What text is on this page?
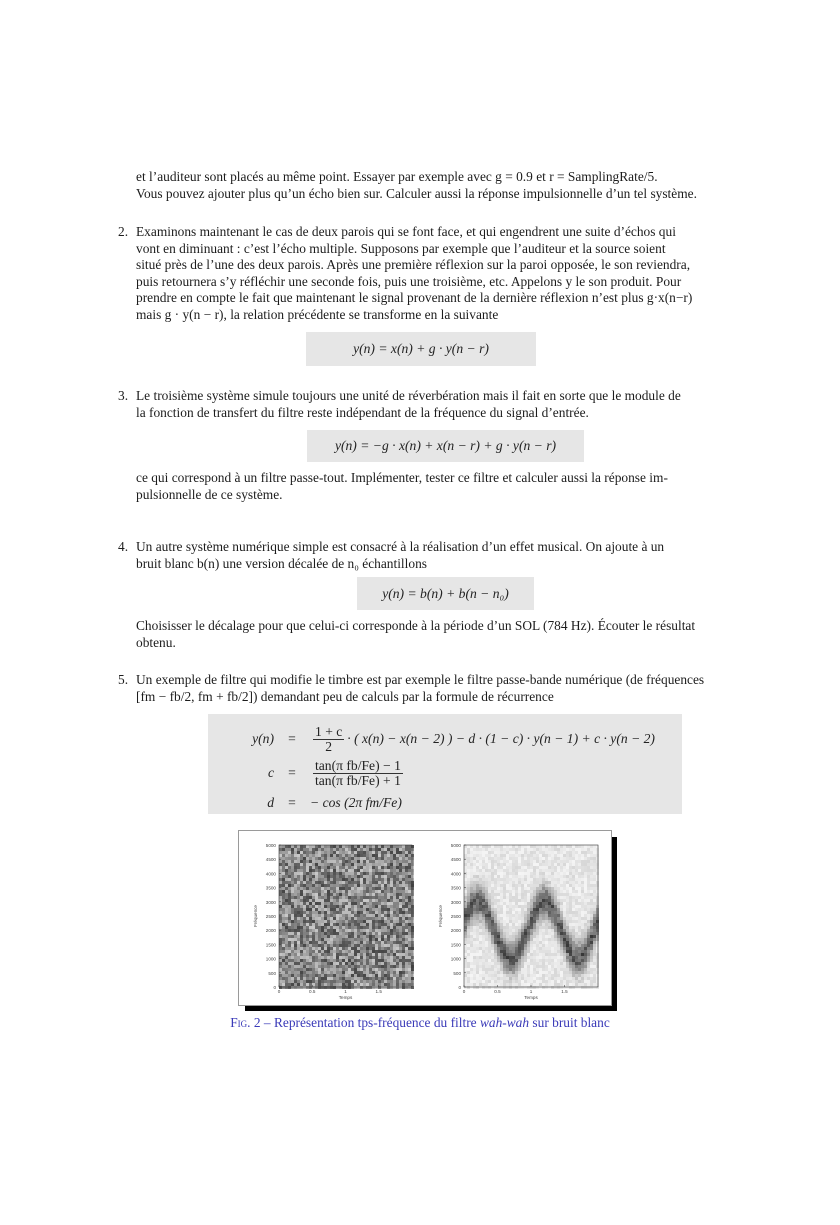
et l’auditeur sont placés au même point. Essayer par exemple avec g = 0.9 et r = SamplingRate/5.
Vous pouvez ajouter plus qu’un écho bien sur. Calculer aussi la réponse impulsionnelle d’un tel système.
2. Examinons maintenant le cas de deux parois qui se font face, et qui engendrent une suite d’échos qui
vont en diminuant : c’est l’écho multiple. Supposons par exemple que l’auditeur et la source soient
situé près de l’une des deux parois. Après une première réflexion sur la paroi opposée, le son reviendra,
puis retournera s’y réfléchir une seconde fois, puis une troisième, etc. Appelons y le son produit. Pour
prendre en compte le fait que maintenant le signal provenant de la dernière réflexion n’est plus g·x(n−r)
mais g · y(n − r), la relation précédente se transforme en la suivante
y(n) = x(n) + g · y(n − r)
3. Le troisième système simule toujours une unité de réverbération mais il fait en sorte que le module de
la fonction de transfert du filtre reste indépendant de la fréquence du signal d’entrée.
y(n) = −g · x(n) + x(n − r) + g · y(n − r)
ce qui correspond à un filtre passe-tout. Implémenter, tester ce filtre et calculer aussi la réponse im-
pulsionnelle de ce système.
4. Un autre système numérique simple est consacré à la réalisation d’un effet musical. On ajoute à un
bruit blanc b(n) une version décalée de n₀ échantillons
y(n) = b(n) + b(n − n₀)
Choisisser le décalage pour que celui-ci corresponde à la période d’un SOL (784 Hz). Écouter le résultat
obtenu.
5. Un exemple de filtre qui modifie le timbre est par exemple le filtre passe-bande numérique (de fréquences
[fm − fb/2, fm + fb/2]) demandant peu de calculs par la formule de récurrence
y(n)	=	$\frac{1 + c}{2}$ · ( x(n) − x(n − 2) ) − d · (1 − c) · y(n − 1) + c · y(n − 2)
c	=	$\frac{\text{tan(π fb/Fe) − 1}}{\text{tan(π fb/Fe) + 1}}$
d	=	− cos (2π fm/Fe)
0
500
1000
1500
2000
2500
3000
3500
4000
4500
5000
0	0.5	1	1.5
Temps
Fréquence
0
500
1000
1500
2000
2500
3000
3500
4000
4500
5000
0	0.5	1	1.5
Temps
Fréquence
Fig. 2 – Représentation tps-fréquence du filtre wah-wah sur bruit blanc
